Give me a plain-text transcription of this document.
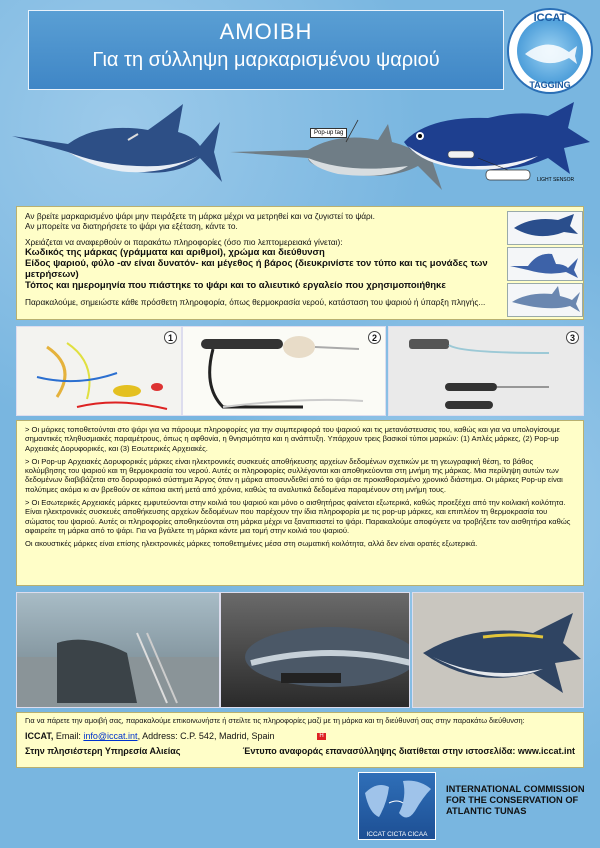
ΑΜΟΙΒΗ
Για τη σύλληψη μαρκαρισμένου ψαριού
ICCAT
TAGGING
Pop-up tag
LIGHT SENSOR

Αν βρείτε μαρκαρισμένο ψάρι μην πειράξετε τη μάρκα μέχρι να μετρηθεί και να ζυγιστεί το ψάρι.

Αν μπορείτε να διατηρήσετε το ψάρι για εξέταση, κάντε το.

Χρειάζεται να αναφερθούν οι παρακάτω πληροφορίες (όσο πιο λεπτομερειακά γίνεται):

Κωδικός της μάρκας (γράμματα και αριθμοί), χρώμα και διεύθυνση

Είδος ψαριού, φύλο -αν είναι δυνατόν- και μέγεθος ή βάρος (διευκρινίστε τον τύπο και τις μονάδες των μετρήσεων)

Τόπος και ημερομηνία που πιάστηκε το ψάρι και το αλιευτικό εργαλείο που χρησιμοποιήθηκε

Παρακαλούμε, σημειώστε κάθε πρόσθετη πληροφορία, όπως θερμοκρασία νερού, κατάσταση του ψαριού ή ύπαρξη πληγής...

1	2	3

> Οι μάρκες τοποθετούνται στο ψάρι για να πάρουμε πληροφορίες για την συμπεριφορά του ψαριού και τις μετανάστευσεις του, καθώς και για να υπολογίσουμε σημαντικές πληθυσμιακές παραμέτρους, όπως η αφθονία, η θνησιμότητα και η ανάπτυξη. Υπάρχουν τρεις βασικοί τύποι μαρκών: (1) Απλές μάρκες, (2) Pop-up Αρχειακές Δορυφορικές, και (3) Εσωτερικές Αρχειακές.

> Οι Pop-up Αρχειακές Δορυφορικές μάρκες είναι ηλεκτρονικές συσκευές αποθήκευσης αρχείων δεδομένων σχετικών με τη γεωγραφική θέση, το βάθος κολύμβησης του ψαριού και τη θερμοκρασία του νερού. Αυτές οι πληροφορίες συλλέγονται και αποθηκεύονται στη μνήμη της μάρκας. Μια περίληψη αυτών των δεδομένων διαβιβάζεται στο δορυφορικό σύστημα Άργος όταν η μάρκα αποσυνδεθεί από το ψάρι σε προκαθορισμένο χρονικό διάστημα. Οι μάρκες Pop-up είναι πολύτιμες ακόμα κι αν βρεθούν σε κάποια ακτή μετά από χρόνια, καθώς τα αναλυτικά δεδομένα παραμένουν στη μνήμη τους.

> Οι Εσωτερικές Αρχειακές μάρκες εμφυτεύονται στην κοιλιά του ψαριού και μόνο ο αισθητήρας φαίνεται εξωτερικά, καθώς προεξέχει από την κοιλιακή κοιλότητα. Είναι ηλεκτρονικές συσκευές αποθήκευσης αρχείων δεδομένων που παρέχουν την ίδια πληροφορία με τις pop-up μάρκες, και επιπλέον τη θερμοκρασία του σώματος του ψαριού. Αυτές οι πληροφορίες αποθηκεύονται στη μάρκα μέχρι να ξαναπιαστεί το ψάρι. Παρακαλούμε αποφύγετε να τροβήξετε τον αισθητήρα καθώς αφαιρείτε τη μάρκα από το ψάρι. Για να βγάλετε τη μάρκα κάντε μια τομή στην κοιλιά του ψαριού.

Οι ακουστικές μάρκες είναι επίσης ηλεκτρονικές μάρκες τοποθετημένες μέσα στη σωματική κοιλότητα, αλλά δεν είναι ορατές εξωτερικά.

Για να πάρετε την αμοιβή σας, παρακαλούμε επικοινωνήστε ή στείλτε τις πληροφορίες μαζί με τη μάρκα και τη διεύθυνσή σας στην παρακάτω διεύθυνση:
ICCAT, Email: info@iccat.int, Address: C.P. 542, Madrid, Spain	H
Στην πλησιέστερη Υπηρεσία Αλιείας	Έντυπο αναφοράς επανασύλληψης διατίθεται στην ιστοσελίδα: www.iccat.int
ICCAT CICTA CICAA
INTERNATIONAL COMMISSION
FOR THE CONSERVATION OF
ATLANTIC TUNAS
